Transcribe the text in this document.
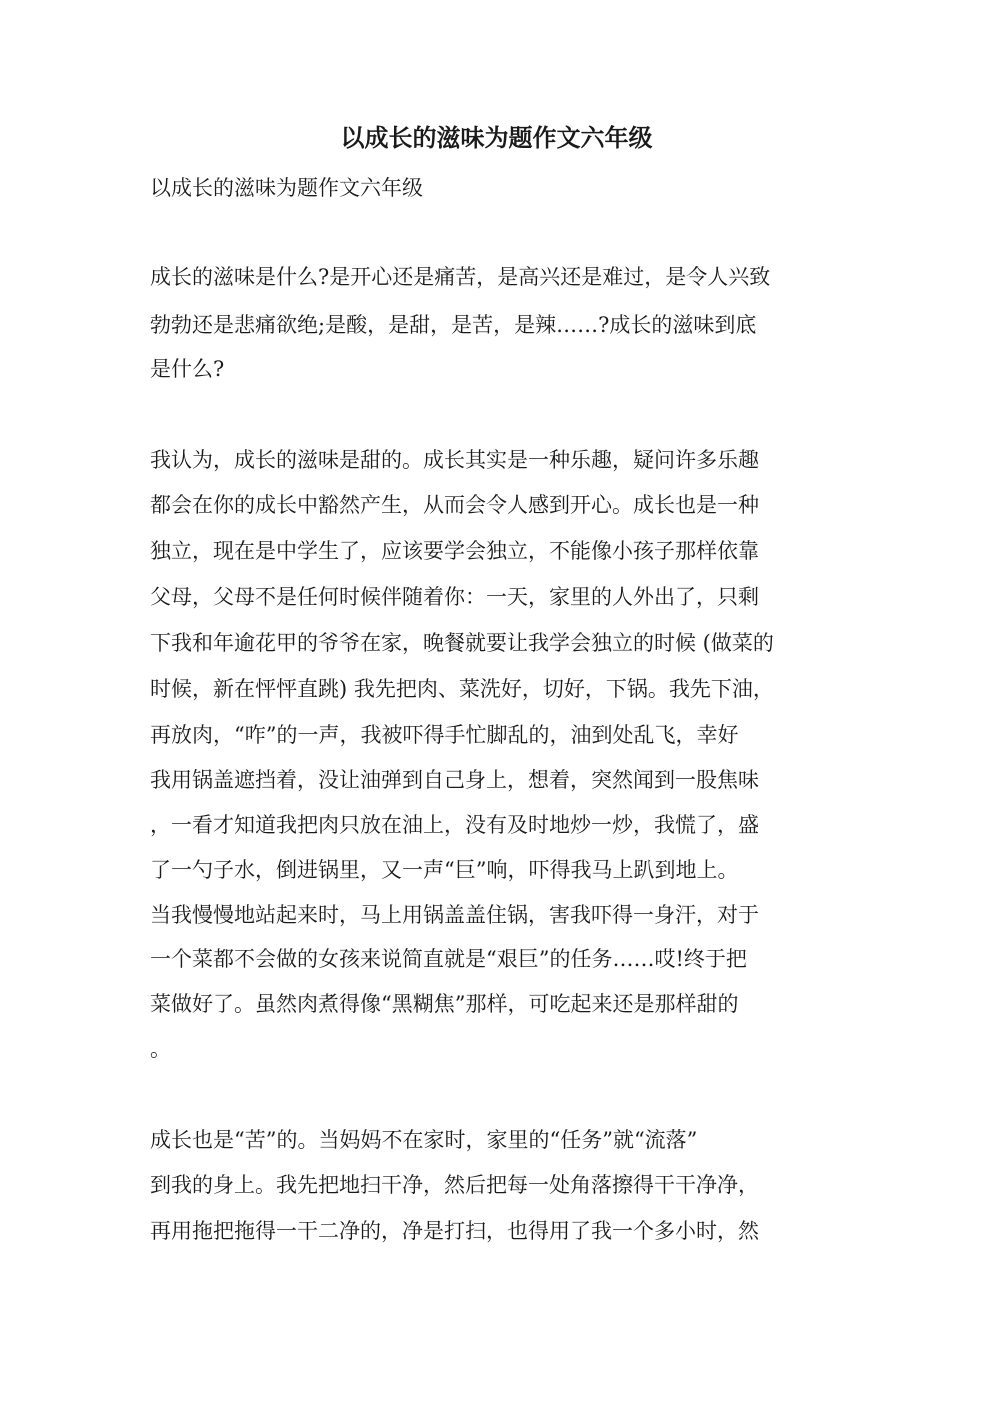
以成长的滋味为题作文六年级

以成长的滋味为题作文六年级

成长的滋味是什么?是开心还是痛苦，是高兴还是难过，是令人兴致

勃勃还是悲痛欲绝;是酸，是甜，是苦，是辣……?成长的滋味到底

是什么?

我认为，成长的滋味是甜的。成长其实是一种乐趣，疑问许多乐趣

都会在你的成长中豁然产生，从而会令人感到开心。成长也是一种

独立，现在是中学生了，应该要学会独立，不能像小孩子那样依靠

父母，父母不是任何时候伴随着你：一天，家里的人外出了，只剩

下我和年逾花甲的爷爷在家，晚餐就要让我学会独立的时候 (做菜的

时候，新在怦怦直跳) 我先把肉、菜洗好，切好，下锅。我先下油，

再放肉，“咋”的一声，我被吓得手忙脚乱的，油到处乱飞，幸好

我用锅盖遮挡着，没让油弹到自己身上，想着，突然闻到一股焦味

，一看才知道我把肉只放在油上，没有及时地炒一炒，我慌了，盛

了一勺子水，倒进锅里，又一声“巨”响，吓得我马上趴到地上。

当我慢慢地站起来时，马上用锅盖盖住锅，害我吓得一身汗，对于

一个菜都不会做的女孩来说简直就是“艰巨”的任务……哎!终于把

菜做好了。虽然肉煮得像“黑糊焦”那样，可吃起来还是那样甜的

。

成长也是“苦”的。当妈妈不在家时，家里的“任务”就“流落”

到我的身上。我先把地扫干净，然后把每一处角落擦得干干净净，

再用拖把拖得一干二净的，净是打扫，也得用了我一个多小时，然
